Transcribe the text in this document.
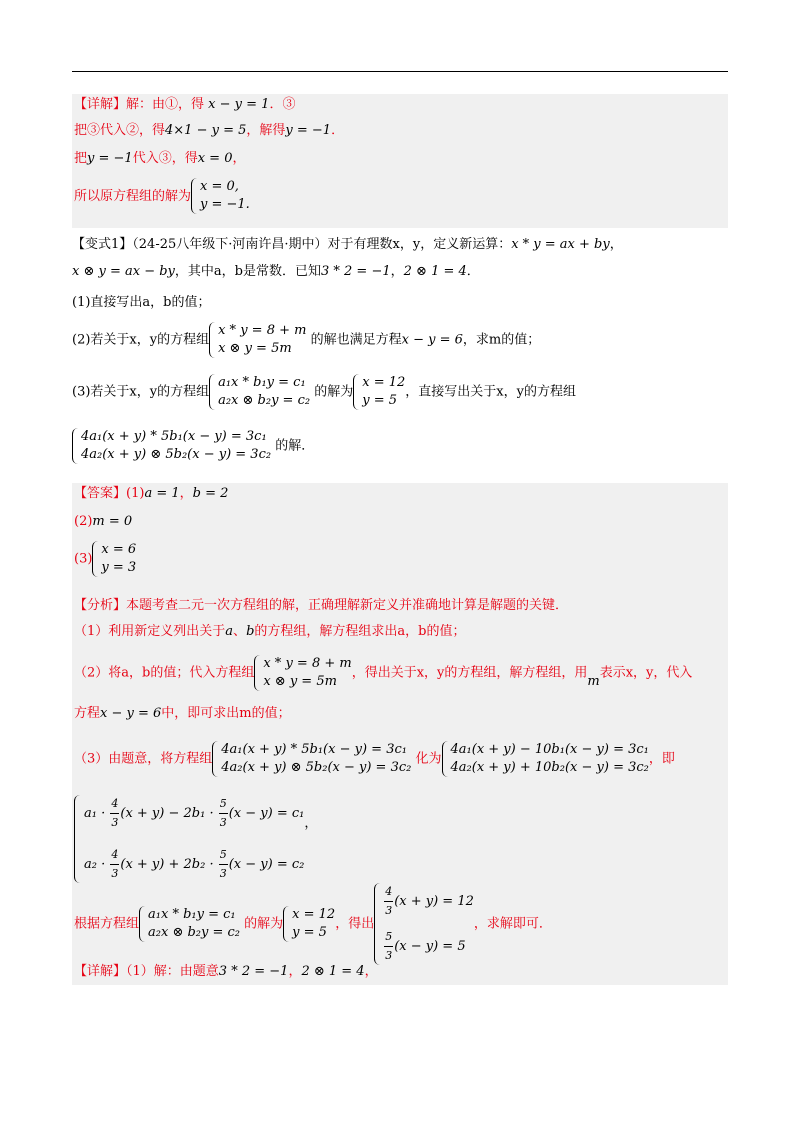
【详解】解：由①，得 x − y = 1．③
把③代入②，得4×1 − y = 5，解得y = −1．
把y = −1代入③，得x = 0，
所以原方程组的解为
x = 0,
y = −1.
【变式1】（24-25八年级下·河南许昌·期中）对于有理数x，y，定义新运算：x * y = ax + by，
x ⊗ y = ax − by，其中a，b是常数．已知3 * 2 = −1，2 ⊗ 1 = 4．
(1)直接写出a，b的值；
(2)若关于x，y的方程组
x * y = 8 + m
x ⊗ y = 5m
的解也满足方程x − y = 6，求m的值；
(3)若关于x，y的方程组
a₁x * b₁y = c₁
a₂x ⊗ b₂y = c₂
的解为
x = 12
y = 5
，直接写出关于x，y的方程组
4a₁(x + y) * 5b₁(x − y) = 3c₁
4a₂(x + y) ⊗ 5b₂(x − y) = 3c₂
的解．
【答案】(1)a = 1，b = 2
(2)m = 0
(3)
x = 6
y = 3
【分析】本题考查二元一次方程组的解，正确理解新定义并准确地计算是解题的关键．
（1）利用新定义列出关于a、b的方程组，解方程组求出a，b的值；
（2）将a，b的值；代入方程组
x * y = 8 + m
x ⊗ y = 5m
，得出关于x，y的方程组，解方程组，用m表示x，y，代入
方程x − y = 6中，即可求出m的值；
（3）由题意，将方程组
4a₁(x + y) * 5b₁(x − y) = 3c₁
4a₂(x + y) ⊗ 5b₂(x − y) = 3c₂
化为
4a₁(x + y) − 10b₁(x − y) = 3c₁
4a₂(x + y) + 10b₂(x − y) = 3c₂
，即
$a_1 \cdot \frac{4}{3} (x + y) - 2b_1 \cdot \frac{5}{3} (x - y) = c_1$
$a_2 \cdot \frac{4}{3} (x + y) + 2b_2 \cdot \frac{5}{3} (x - y) = c_2$
，
根据方程组
a₁x * b₁y = c₁
a₂x ⊗ b₂y = c₂
的解为
x = 12
y = 5
，得出
$\frac{4}{3} (x + y) = 12$
$\frac{5}{3} (x - y) = 5$
，求解即可．
【详解】（1）解：由题意3 * 2 = −1，2 ⊗ 1 = 4，
